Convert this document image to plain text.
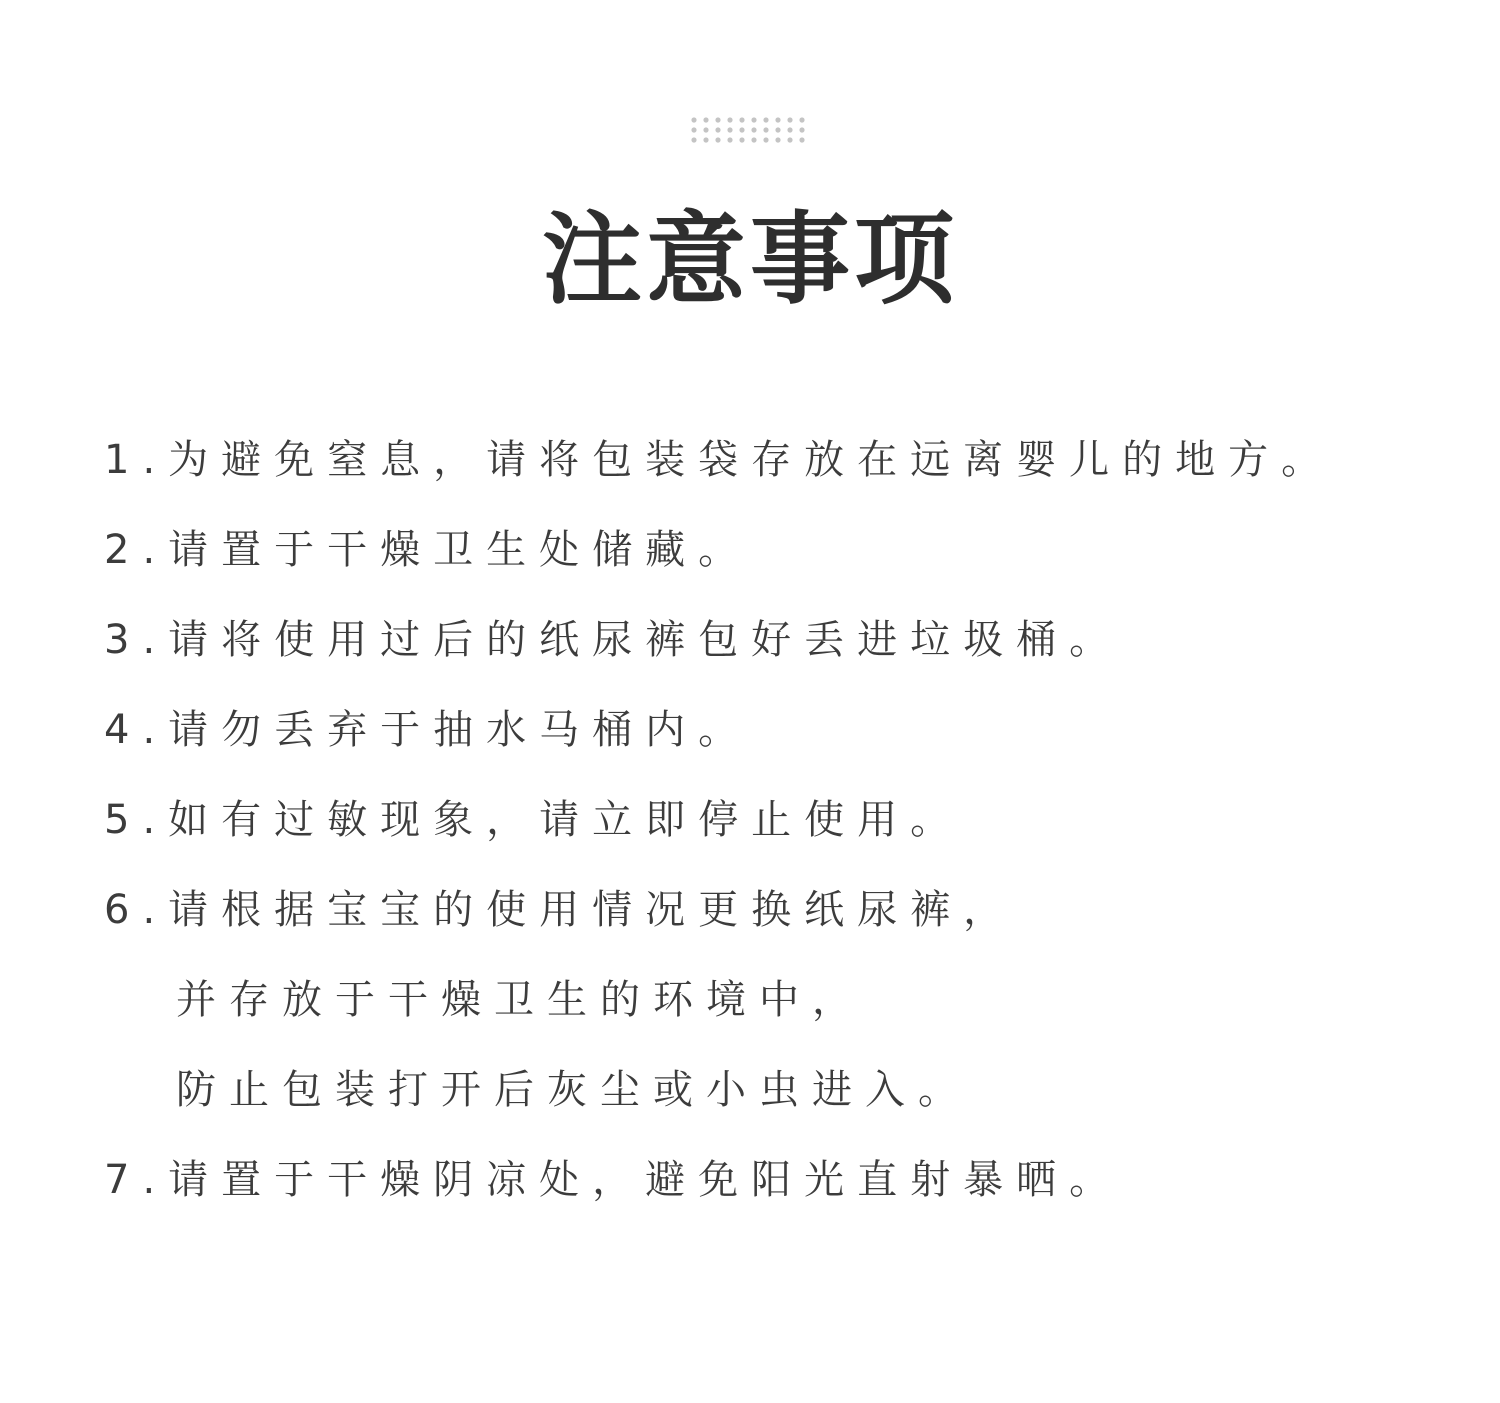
注意事项
1.为避免窒息，请将包装袋存放在远离婴儿的地方。
2.请置于干燥卫生处储藏。
3.请将使用过后的纸尿裤包好丢进垃圾桶。
4.请勿丢弃于抽水马桶内。
5.如有过敏现象，请立即停止使用。
6.请根据宝宝的使用情况更换纸尿裤，
并存放于干燥卫生的环境中，
防止包装打开后灰尘或小虫进入。
7.请置于干燥阴凉处，避免阳光直射暴晒。
